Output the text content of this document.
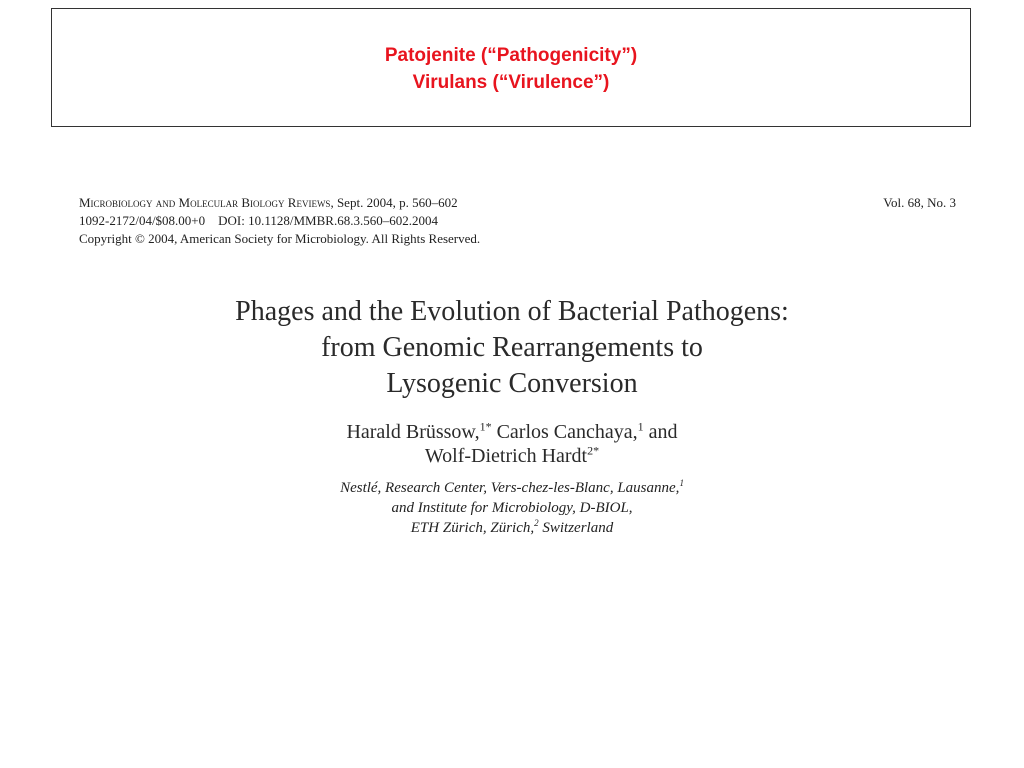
Patojenite (“Pathogenicity”)
Virulans (“Virulence”)
Microbiology and Molecular Biology Reviews, Sept. 2004, p. 560–602
1092-2172/04/$08.00+0    DOI: 10.1128/MMBR.68.3.560–602.2004
Copyright © 2004, American Society for Microbiology. All Rights Reserved.
Vol. 68, No. 3
Phages and the Evolution of Bacterial Pathogens:
from Genomic Rearrangements to
Lysogenic Conversion
Harald Brüssow,$^{1*}$ Carlos Canchaya,$^1$ and
Wolf-Dietrich Hardt$^{2*}$
Nestlé, Research Center, Vers-chez-les-Blanc, Lausanne,$^1$
and Institute for Microbiology, D-BIOL,
ETH Zürich, Zürich,$^2$ Switzerland
